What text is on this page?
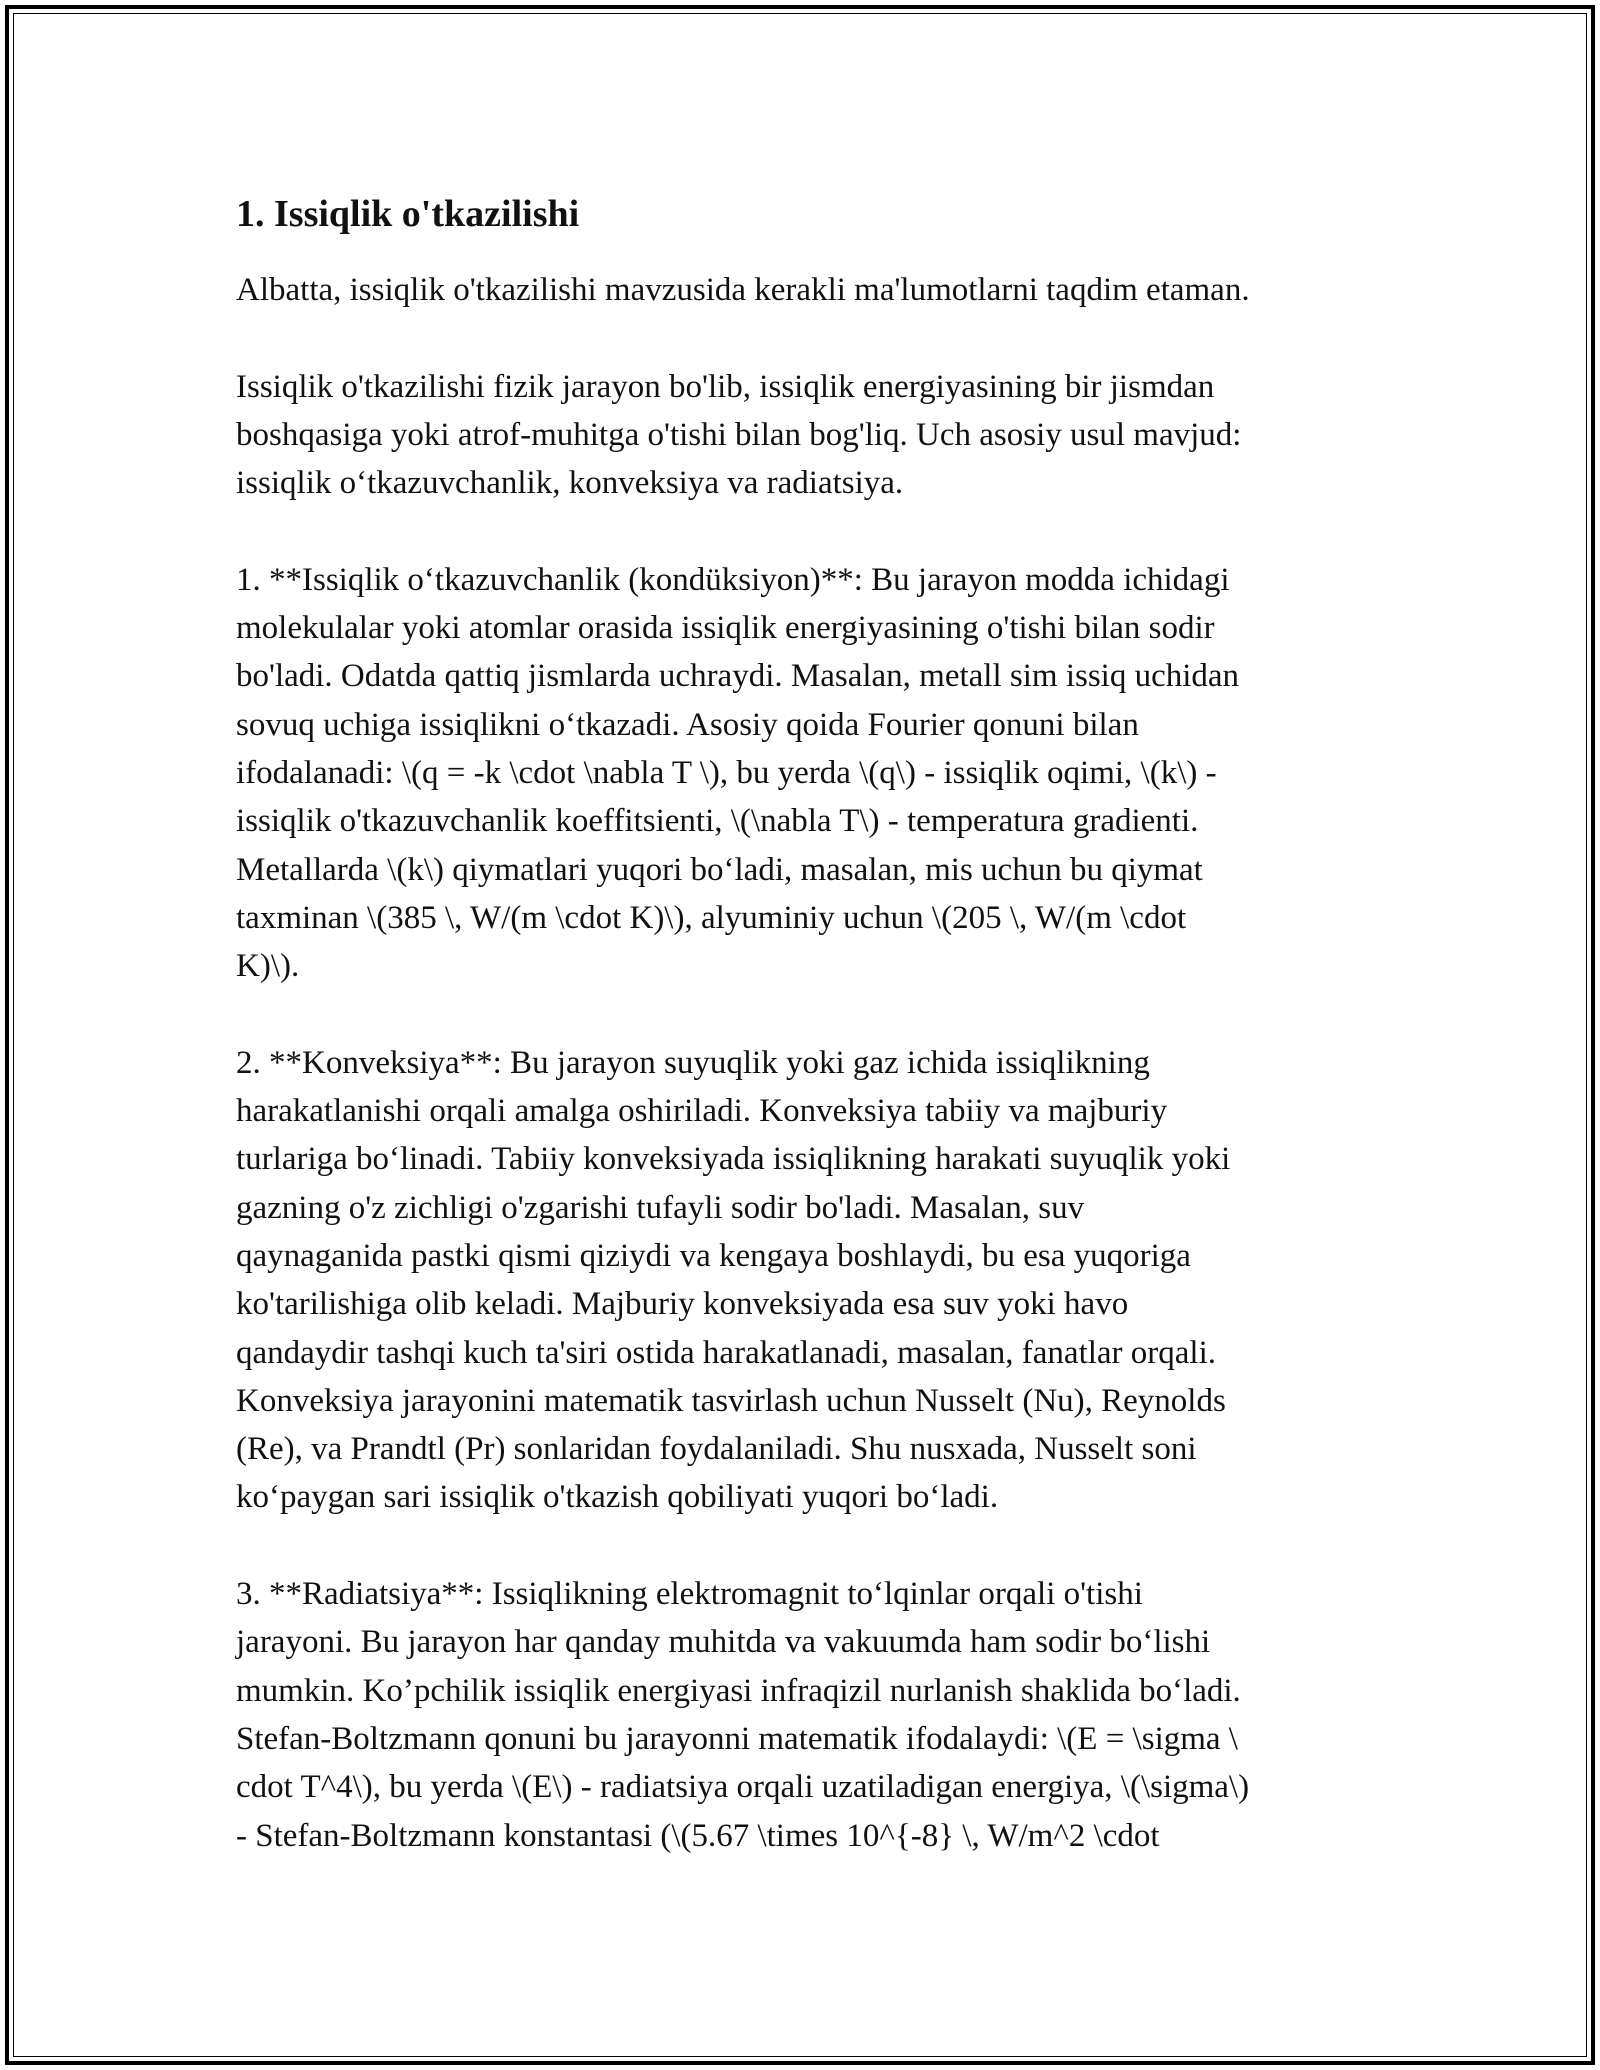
1. Issiqlik o'tkazilishi
Albatta, issiqlik o'tkazilishi mavzusida kerakli ma'lumotlarni taqdim etaman.
Issiqlik o'tkazilishi fizik jarayon bo'lib, issiqlik energiyasining bir jismdan
boshqasiga yoki atrof-muhitga o'tishi bilan bog'liq. Uch asosiy usul mavjud:
issiqlik o‘tkazuvchanlik, konveksiya va radiatsiya.
1. **Issiqlik o‘tkazuvchanlik (kondüksiyon)**: Bu jarayon modda ichidagi
molekulalar yoki atomlar orasida issiqlik energiyasining o'tishi bilan sodir
bo'ladi. Odatda qattiq jismlarda uchraydi. Masalan, metall sim issiq uchidan
sovuq uchiga issiqlikni o‘tkazadi. Asosiy qoida Fourier qonuni bilan
ifodalanadi: \(q = -k \cdot \nabla T \), bu yerda \(q\) - issiqlik oqimi, \(k\) -
issiqlik o'tkazuvchanlik koeffitsienti, \(\nabla T\) - temperatura gradienti.
Metallarda \(k\) qiymatlari yuqori bo‘ladi, masalan, mis uchun bu qiymat
taxminan \(385 \, W/(m \cdot K)\), alyuminiy uchun \(205 \, W/(m \cdot
K)\).
2. **Konveksiya**: Bu jarayon suyuqlik yoki gaz ichida issiqlikning
harakatlanishi orqali amalga oshiriladi. Konveksiya tabiiy va majburiy
turlariga bo‘linadi. Tabiiy konveksiyada issiqlikning harakati suyuqlik yoki
gazning o'z zichligi o'zgarishi tufayli sodir bo'ladi. Masalan, suv
qaynaganida pastki qismi qiziydi va kengaya boshlaydi, bu esa yuqoriga
ko'tarilishiga olib keladi. Majburiy konveksiyada esa suv yoki havo
qandaydir tashqi kuch ta'siri ostida harakatlanadi, masalan, fanatlar orqali.
Konveksiya jarayonini matematik tasvirlash uchun Nusselt (Nu), Reynolds
(Re), va Prandtl (Pr) sonlaridan foydalaniladi. Shu nusxada, Nusselt soni
ko‘paygan sari issiqlik o'tkazish qobiliyati yuqori bo‘ladi.
3. **Radiatsiya**: Issiqlikning elektromagnit to‘lqinlar orqali o'tishi
jarayoni. Bu jarayon har qanday muhitda va vakuumda ham sodir bo‘lishi
mumkin. Ko’pchilik issiqlik energiyasi infraqizil nurlanish shaklida bo‘ladi.
Stefan-Boltzmann qonuni bu jarayonni matematik ifodalaydi: \(E = \sigma \
cdot T^4\), bu yerda \(E\) - radiatsiya orqali uzatiladigan energiya, \(\sigma\)
- Stefan-Boltzmann konstantasi (\(5.67 \times 10^{-8} \, W/m^2 \cdot
